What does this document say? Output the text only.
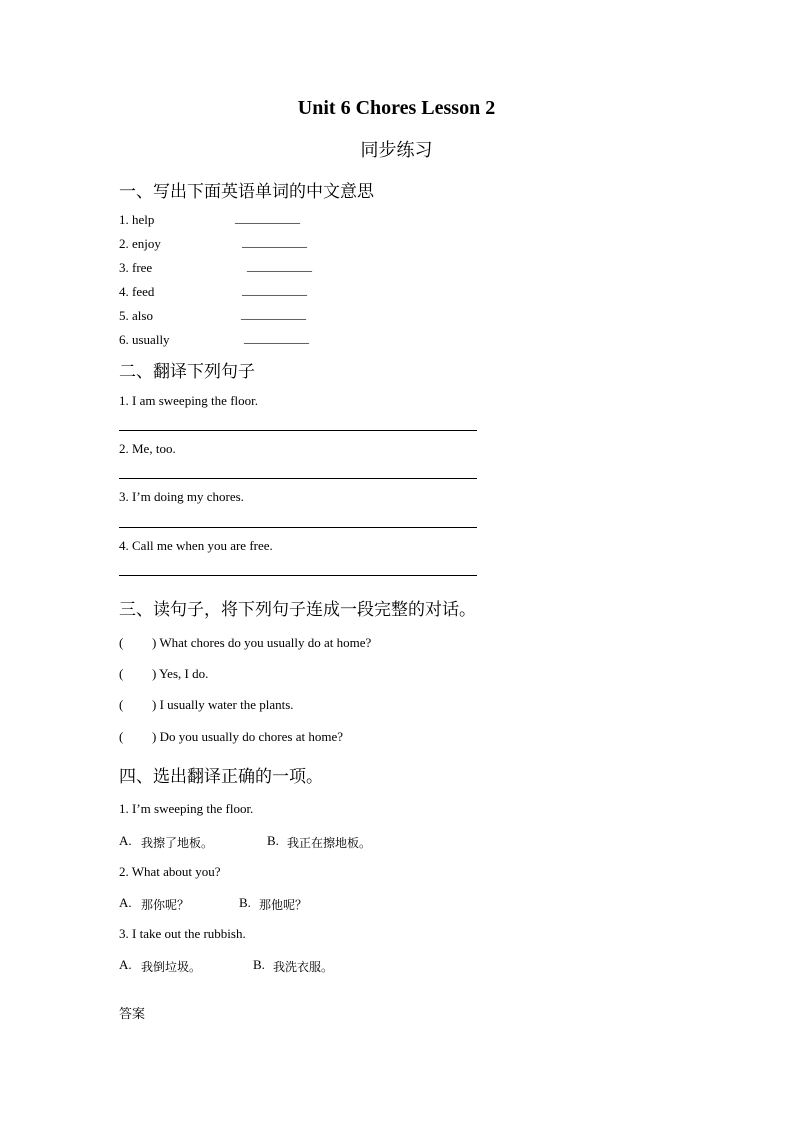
Unit 6 Chores Lesson 2
同步练习
一、写出下面英语单词的中文意思
1. help	__________
2. enjoy	__________
3. free	__________
4. feed	__________
5. also	__________
6. usually	__________
二、翻译下列句子
1. I am sweeping the floor.
2. Me, too.
3. I’m doing my chores.
4. Call me when you are free.
三、读句子，将下列句子连成一段完整的对话。
( ) What chores do you usually do at home?
( ) Yes, I do.
( ) I usually water the plants.
( ) Do you usually do chores at home?
四、选出翻译正确的一项。
1. I’m sweeping the floor.
A. 我擦了地板。	B. 我正在擦地板。
2. What about you?
A. 那你呢？	B. 那他呢？
3. I take out the rubbish.
A. 我倒垃圾。	B. 我洗衣服。
答案
